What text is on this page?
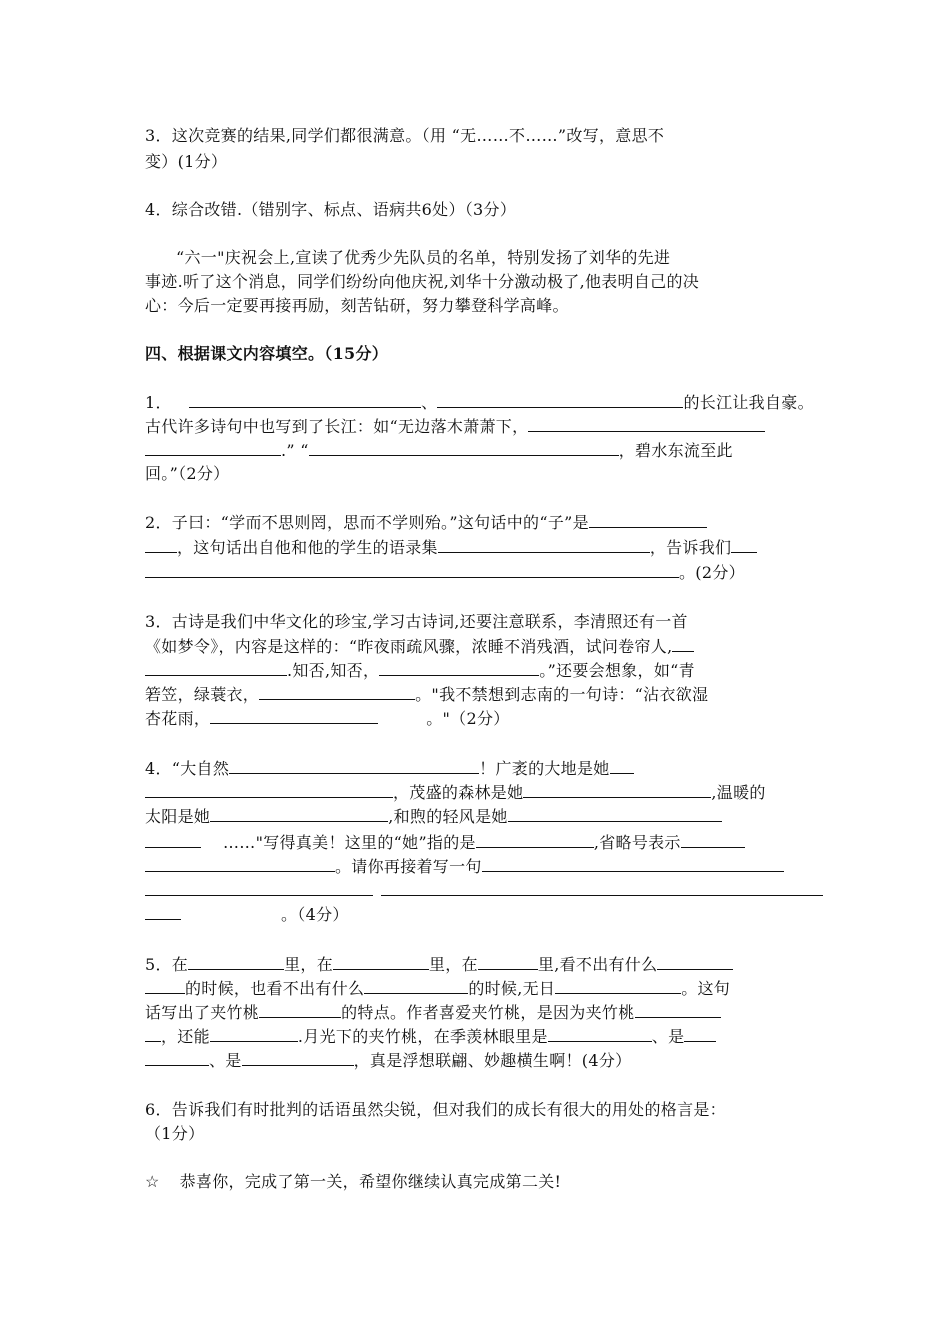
3．这次竞赛的结果,同学们都很满意。（用 “无……不……”改写，意思不
变）(1分）
4．综合改错.（错别字、标点、语病共6处）（3分）
“六一"庆祝会上,宣读了优秀少先队员的名单，特别发扬了刘华的先进
事迹.听了这个消息，同学们纷纷向他庆祝,刘华十分激动极了,他表明自己的决
心：今后一定要再接再励，刻苦钻研，努力攀登科学高峰。
四、根据课文内容填空。（15分）
1．	、	的长江让我自豪。
古代许多诗句中也写到了长江：如“无边落木萧萧下，
.” “	，碧水东流至此
回。”（2分）
2．子曰：“学而不思则罔，思而不学则殆。”这句话中的“子”是
，这句话出自他和他的学生的语录集	，告诉我们
。(2分）
3．古诗是我们中华文化的珍宝,学习古诗词,还要注意联系，李清照还有一首
《如梦令》，内容是这样的：“昨夜雨疏风骤，浓睡不消残酒，试问卷帘人,
.知否,知否，	。”还要会想象，如“青
箬笠，绿蓑衣，	。"我不禁想到志南的一句诗：“沾衣欲湿
杏花雨，	。"（2分）
4．“大自然	！广袤的大地是她
，茂盛的森林是她	,温暖的
太阳是她	,和煦的轻风是她
……"写得真美！这里的“她”指的是	,省略号表示
。请你再接着写一句
。（4分）
5．在	里，在	里，在	里,看不出有什么
的时候，也看不出有什么	的时候,无日	。这句
话写出了夹竹桃	的特点。作者喜爱夹竹桃，是因为夹竹桃
，还能	.月光下的夹竹桃，在季羡林眼里是	、是
、是	，真是浮想联翩、妙趣横生啊！(4分）
6．告诉我们有时批判的话语虽然尖锐，但对我们的成长有很大的用处的格言是：
（1分）
☆ 恭喜你，完成了第一关，希望你继续认真完成第二关!
